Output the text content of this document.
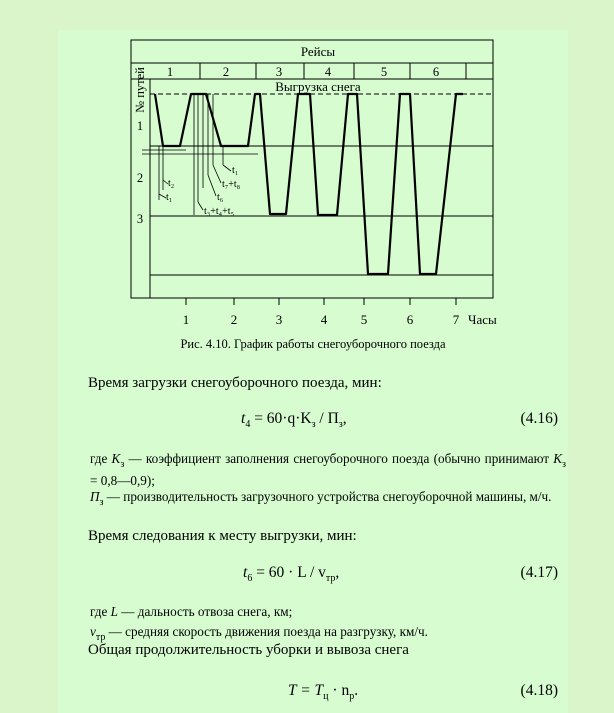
Рейсы
1	2	3	4	5	6
№ путей	Выгрузка снега
1
2
3
t₁
t₇+t₈
t₆
t₃+t₄+t₅
t₂
t₁
1	2	3	4	5	6	7 Часы
Рис. 4.10. График работы снегоуборочного поезда
Время загрузки снегоуборочного поезда, мин:
$t_4 = 60\cdot q\cdot K_з / П_з$,	(4.16)
где $K_з$ — коэффициент заполнения снегоуборочного поезда (обычно принимают $K_з$ = 0,8—0,9);
$П_з$ — производительность загрузочного устройства снегоуборочной машины, м/ч.
Время следования к месту выгрузки, мин:
$t_6 = 60 \cdot L / v_{тр}$,	(4.17)
где L — дальность отвоза снега, км;
$v_{тр}$ — средняя скорость движения поезда на разгрузку, км/ч.
Общая продолжительность уборки и вывоза снега
$T = T_ц \cdot n_р$.	(4.18)
